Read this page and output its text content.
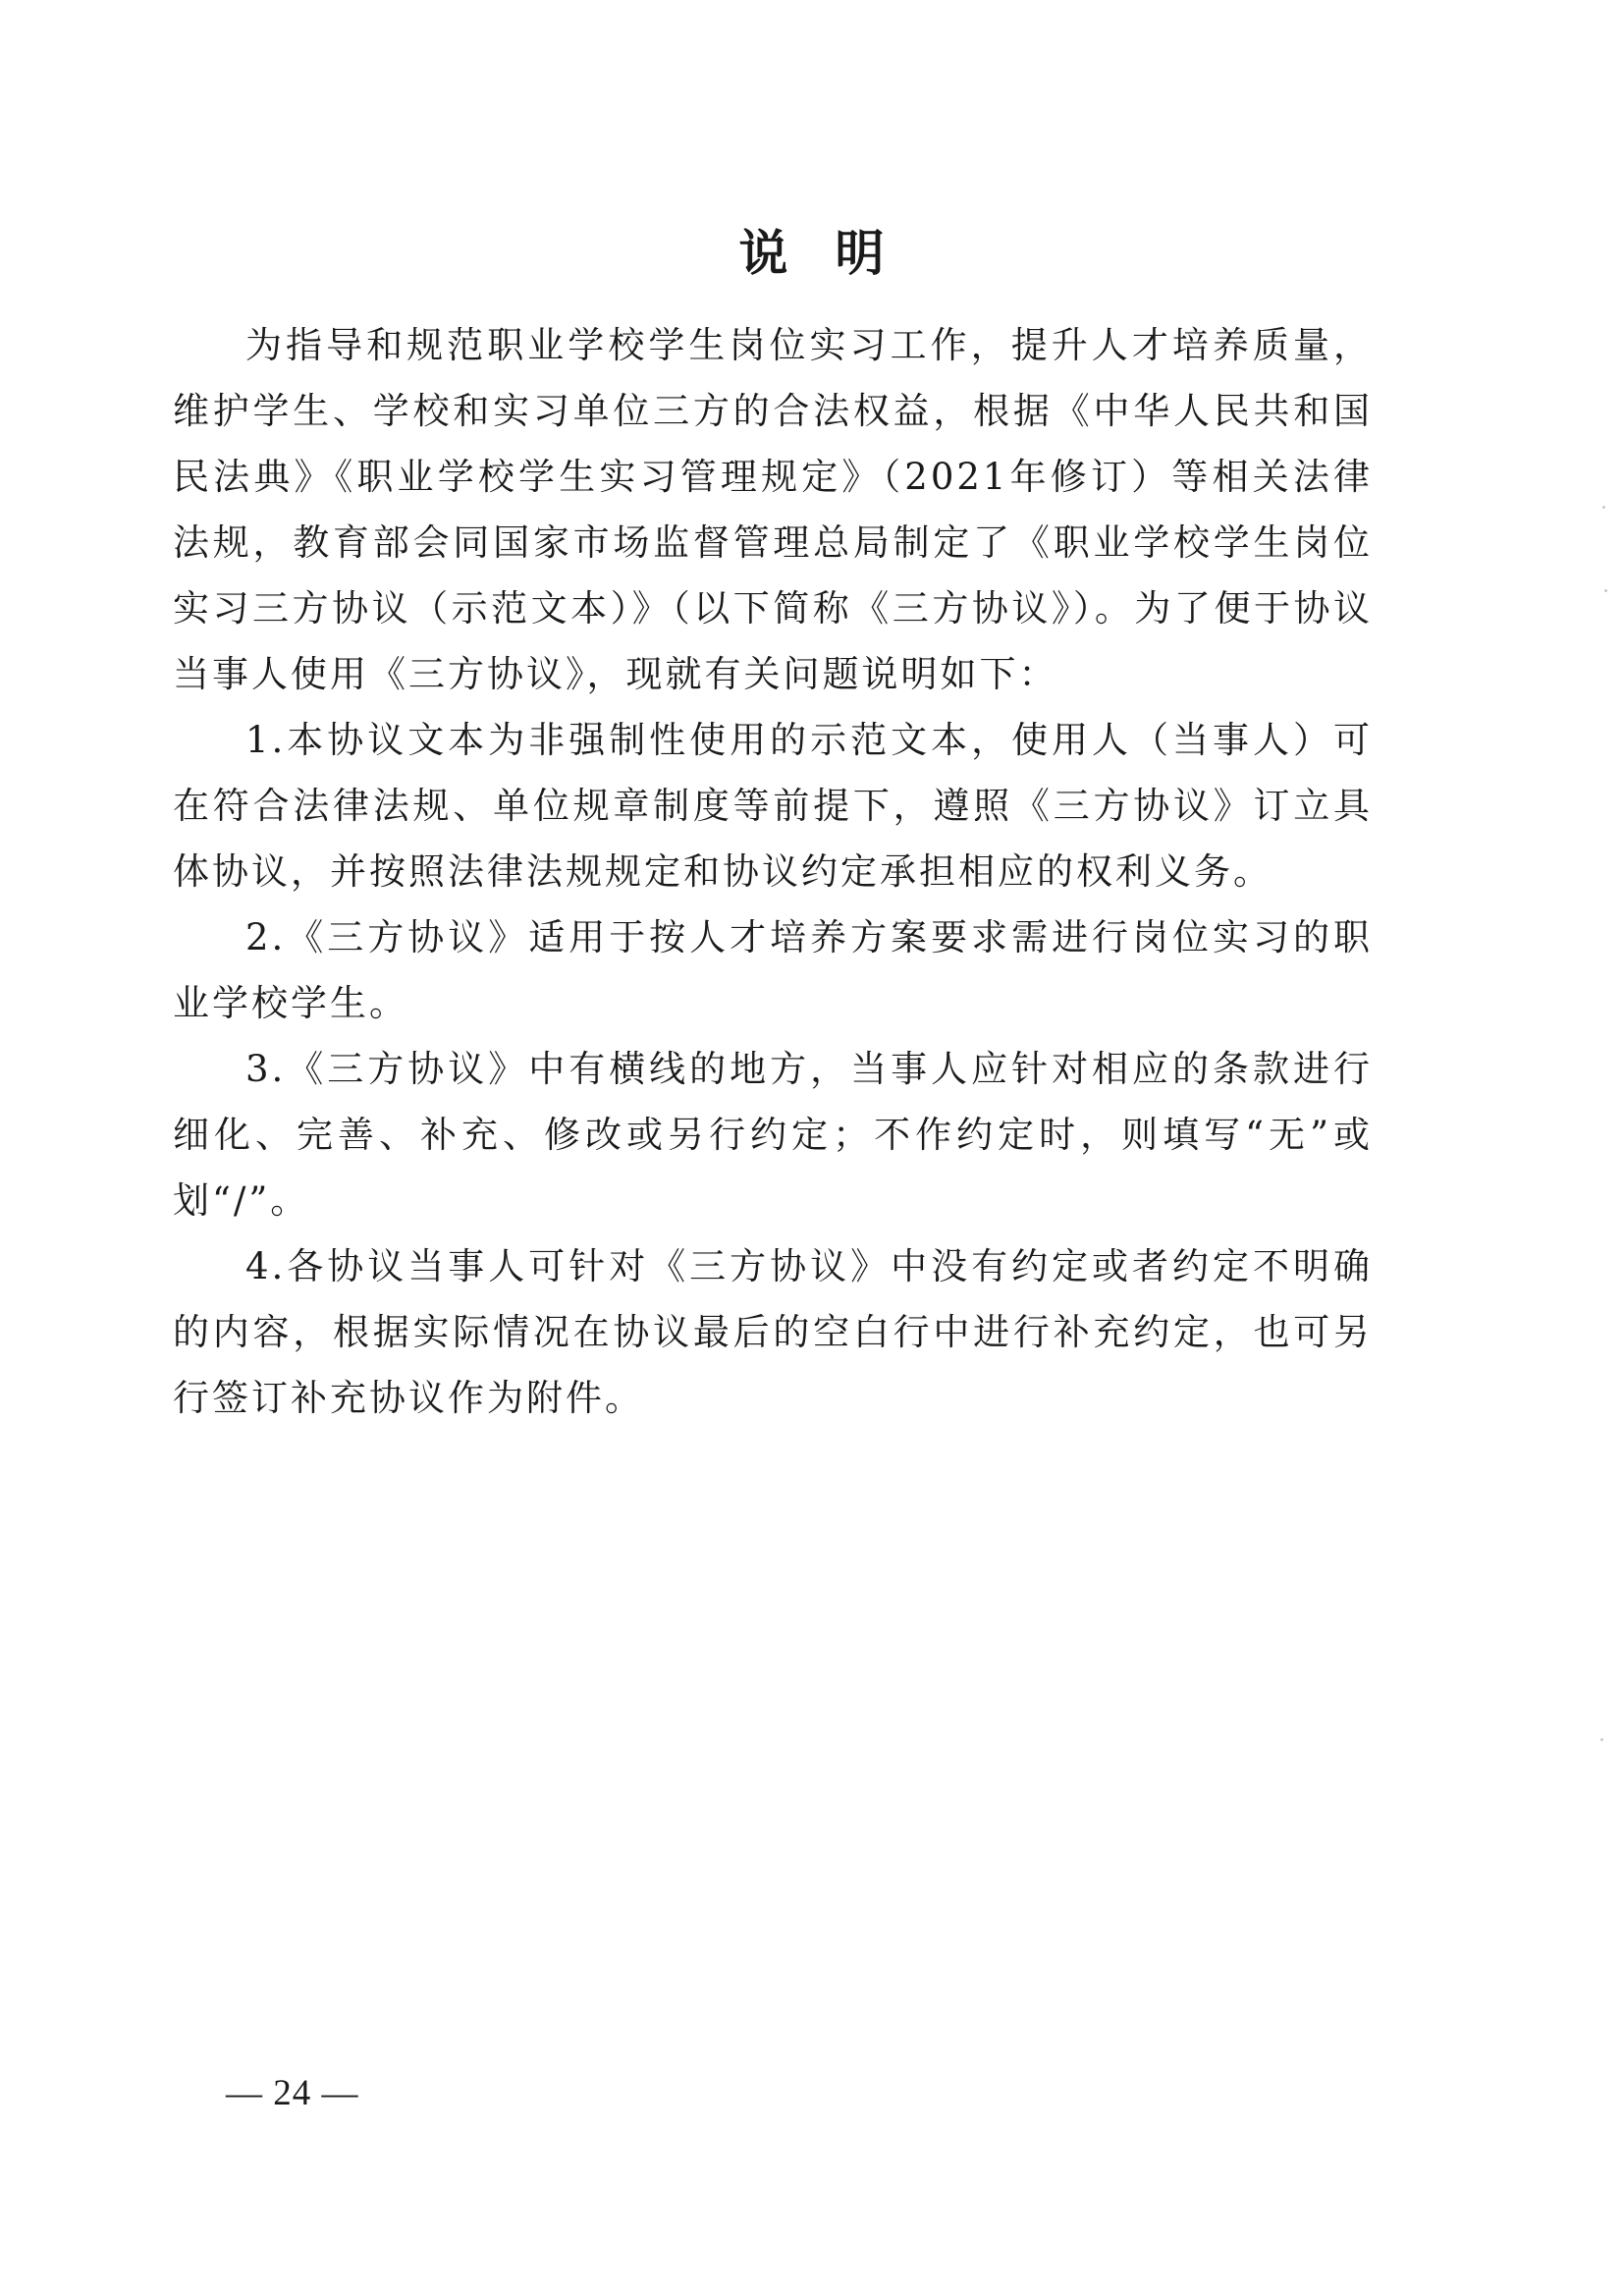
说明

为指导和规范职业学校学生岗位实习工作，提升人才培养质量，维护学生、学校和实习单位三方的合法权益，根据《中华人民共和国民法典》《职业学校学生实习管理规定》（2021年修订）等相关法律法规，教育部会同国家市场监督管理总局制定了《职业学校学生岗位实习三方协议（示范文本）》（以下简称《三方协议》）。为了便于协议当事人使用《三方协议》，现就有关问题说明如下：

1.本协议文本为非强制性使用的示范文本，使用人（当事人）可在符合法律法规、单位规章制度等前提下，遵照《三方协议》订立具体协议，并按照法律法规规定和协议约定承担相应的权利义务。

2.《三方协议》适用于按人才培养方案要求需进行岗位实习的职业学校学生。

3.《三方协议》中有横线的地方，当事人应针对相应的条款进行细化、完善、补充、修改或另行约定；不作约定时，则填写“无”或划“/”。

4.各协议当事人可针对《三方协议》中没有约定或者约定不明确的内容，根据实际情况在协议最后的空白行中进行补充约定，也可另行签订补充协议作为附件。

— 24 —
